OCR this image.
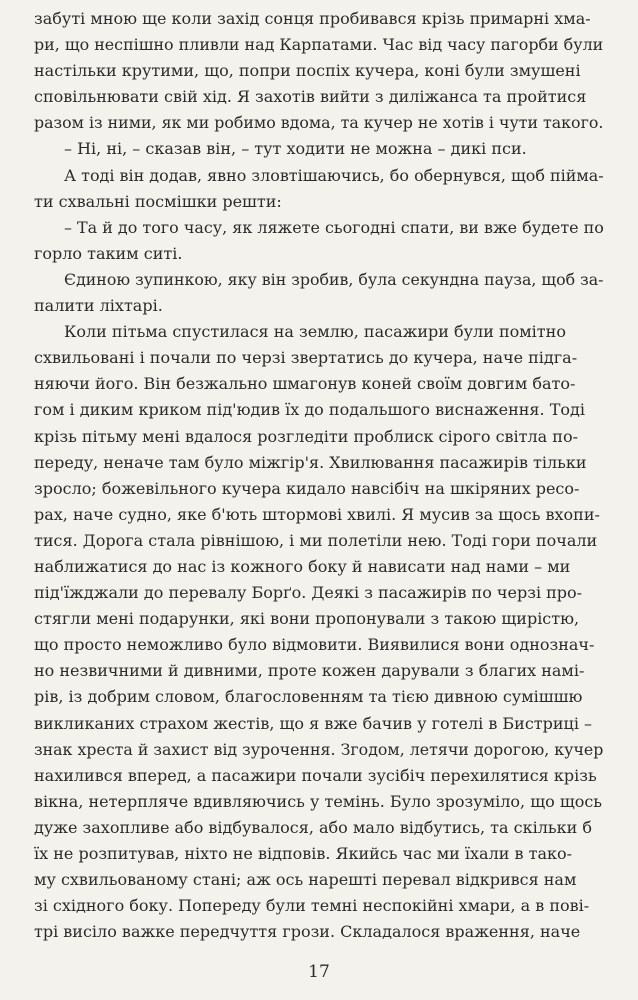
забуті мною ще коли захід сонця пробивався крізь примарні хма-
ри, що неспішно пливли над Карпатами. Час від часу пагорби були
настільки крутими, що, попри поспіх кучера, коні були змушені
сповільнювати свій хід. Я захотів вийти з диліжанса та пройтися
разом із ними, як ми робимо вдома, та кучер не хотів і чути такого.
– Ні, ні, – сказав він, – тут ходити не можна – дикі пси.
А тоді він додав, явно зловтішаючись, бо обернувся, щоб пійма-
ти схвальні посмішки решти:
– Та й до того часу, як ляжете сьогодні спати, ви вже будете по
горло таким ситі.
Єдиною зупинкою, яку він зробив, була секундна пауза, щоб за-
палити ліхтарі.
Коли пітьма спустилася на землю, пасажири були помітно
схвильовані і почали по черзі звертатись до кучера, наче підга-
няючи його. Він безжально шмагонув коней своїм довгим бато-
гом і диким криком під'юдив їх до подальшого виснаження. Тоді
крізь пітьму мені вдалося розгледіти проблиск сірого світла по-
переду, неначе там було міжгір'я. Хвилювання пасажирів тільки
зросло; божевільного кучера кидало навсібіч на шкіряних ресо-
рах, наче судно, яке б'ють штормові хвилі. Я мусив за щось вхопи-
тися. Дорога стала рівнішою, і ми полетіли нею. Тоді гори почали
наближатися до нас із кожного боку й нависати над нами – ми
під'їжджали до перевалу Борґо. Деякі з пасажирів по черзі про-
стягли мені подарунки, які вони пропонували з такою щирістю,
що просто неможливо було відмовити. Виявилися вони однознач-
но незвичними й дивними, проте кожен дарували з благих намі-
рів, із добрим словом, благословенням та тією дивною сумішшю
викликаних страхом жестів, що я вже бачив у готелі в Бистриці –
знак хреста й захист від зурочення. Згодом, летячи дорогою, кучер
нахилився вперед, а пасажири почали зусібіч перехилятися крізь
вікна, нетерпляче вдивляючись у темінь. Було зрозуміло, що щось
дуже захопливе або відбувалося, або мало відбутись, та скільки б
їх не розпитував, ніхто не відповів. Якийсь час ми їхали в тако-
му схвильованому стані; аж ось нарешті перевал відкрився нам
зі східного боку. Попереду були темні неспокійні хмари, а в пові-
трі висіло важке передчуття грози. Складалося враження, наче
17
